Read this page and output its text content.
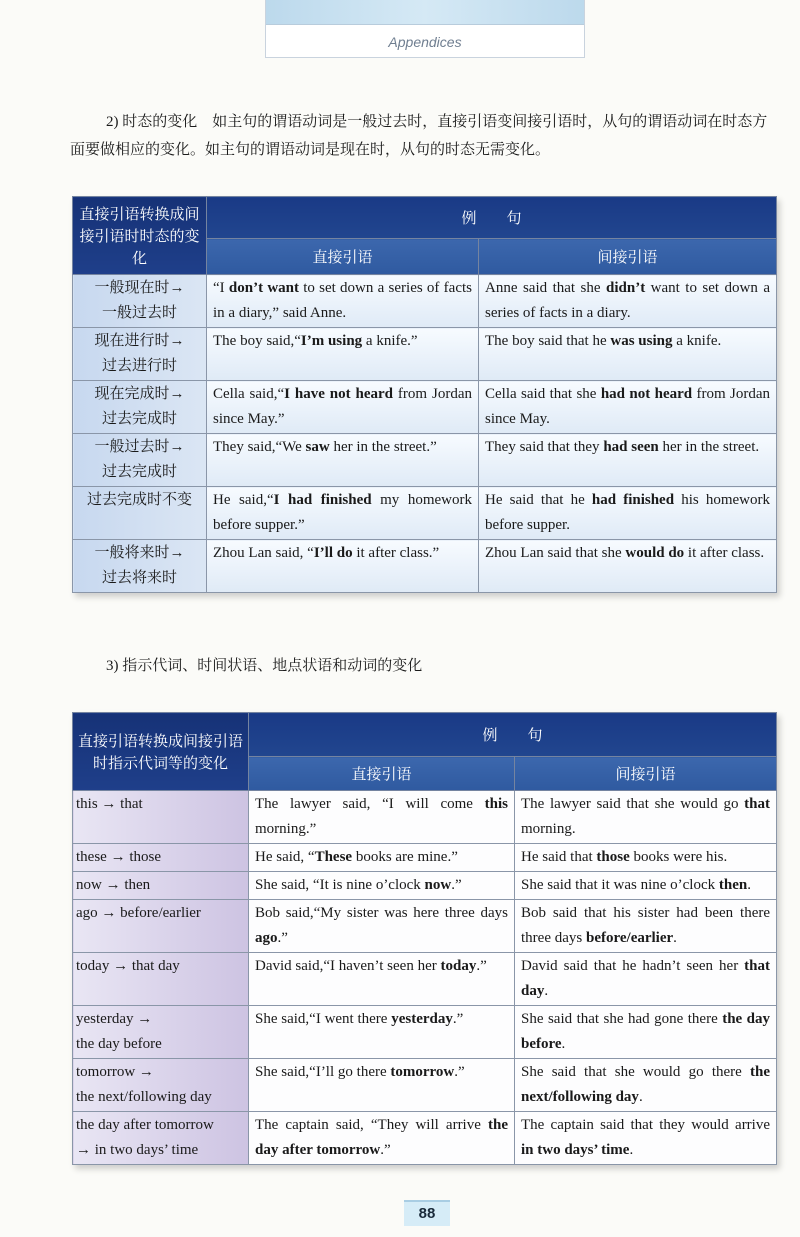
Appendices

2) 时态的变化　如主句的谓语动词是一般过去时，直接引语变间接引语时，从句的谓语动词在时态方面要做相应的变化。如主句的谓语动词是现在时，从句的时态无需变化。

直接引语转换成间接引语时时态的变化	例　　句	
	直接引语	间接引语

一般现在时→
一般过去时	“I don’t want to set down a series of facts in a diary,” said Anne.	Anne said that she didn’t want to set down a series of facts in a diary.

现在进行时→
过去进行时	The boy said,“I’m using a knife.”	The boy said that he was using a knife.

现在完成时→
过去完成时	Cella said,“I have not heard from Jordan since May.”	Cella said that she had not heard from Jordan since May.

一般过去时→
过去完成时	They said,“We saw her in the street.”	They said that they had seen her in the street.

过去完成时不变	He said,“I had finished my homework before supper.”	He said that he had finished his homework before supper.

一般将来时→
过去将来时	Zhou Lan said, “I’ll do it after class.”	Zhou Lan said that she would do it after class.

3) 指示代词、时间状语、地点状语和动词的变化

直接引语转换成间接引语时指示代词等的变化	例　　句	
	直接引语	间接引语

this → that	The lawyer said, “I will come this morning.”	The lawyer said that she would go that morning.

these → those	He said, “These books are mine.”	He said that those books were his.

now → then	She said, “It is nine o’clock now.”	She said that it was nine o’clock then.

ago → before/earlier	Bob said,“My sister was here three days ago.”	Bob said that his sister had been there three days before/earlier.

today → that day	David said,“I haven’t seen her today.”	David said that he hadn’t seen her that day.

yesterday →
the day before	She said,“I went there yesterday.”	She said that she had gone there the day before.

tomorrow →
the next/following day	She said,“I’ll go there tomorrow.”	She said that she would go there the next/following day.

the day after tomorrow
→ in two days’ time	The captain said, “They will arrive the day after tomorrow.”	The captain said that they would arrive in two days’ time.
88
